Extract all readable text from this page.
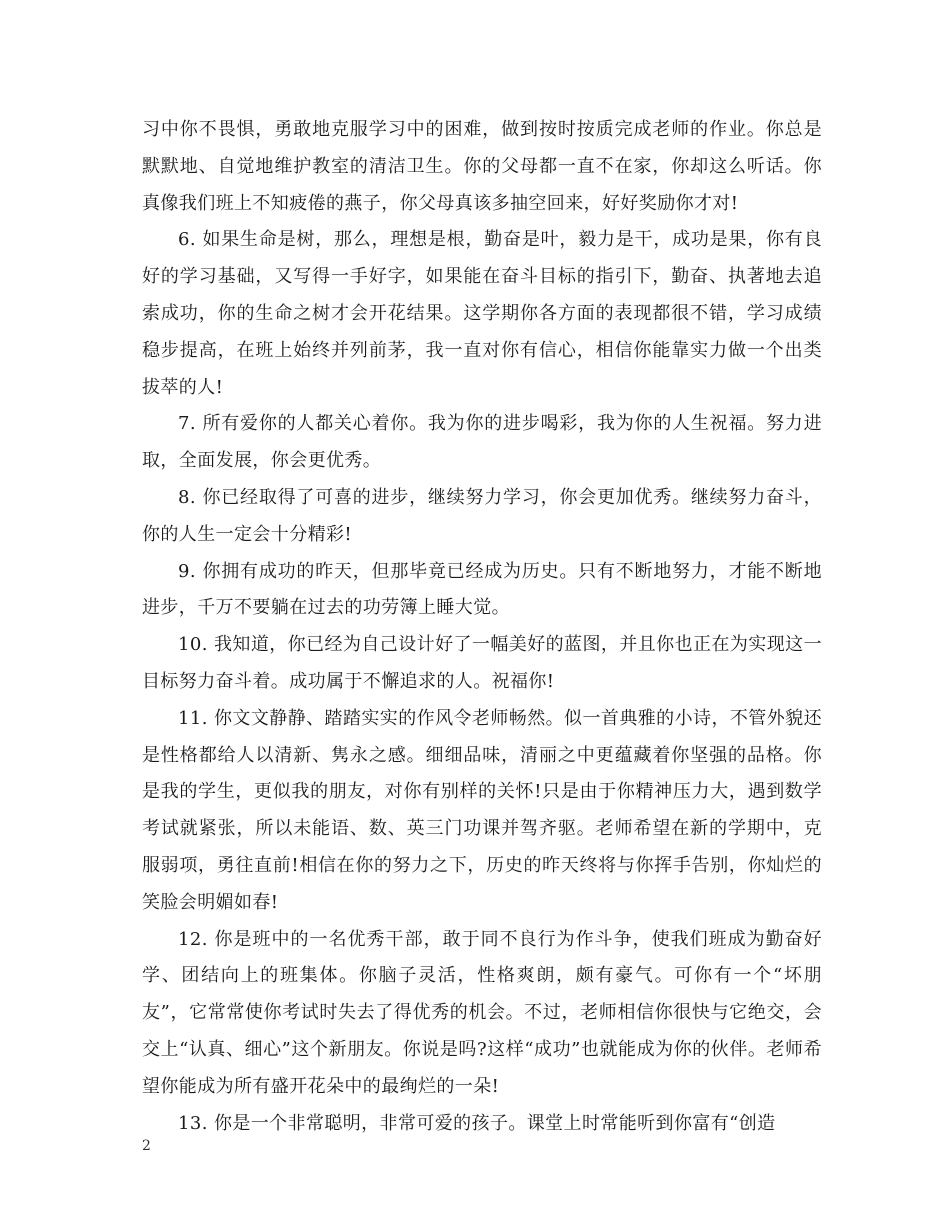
习中你不畏惧，勇敢地克服学习中的困难，做到按时按质完成老师的作业。你总是默默地、自觉地维护教室的清洁卫生。你的父母都一直不在家，你却这么听话。你真像我们班上不知疲倦的燕子，你父母真该多抽空回来，好好奖励你才对!

6. 如果生命是树，那么，理想是根，勤奋是叶，毅力是干，成功是果，你有良好的学习基础，又写得一手好字，如果能在奋斗目标的指引下，勤奋、执著地去追索成功，你的生命之树才会开花结果。这学期你各方面的表现都很不错，学习成绩稳步提高，在班上始终并列前茅，我一直对你有信心，相信你能靠实力做一个出类拔萃的人!

7. 所有爱你的人都关心着你。我为你的进步喝彩，我为你的人生祝福。努力进取，全面发展，你会更优秀。

8. 你已经取得了可喜的进步，继续努力学习，你会更加优秀。继续努力奋斗，你的人生一定会十分精彩!

9. 你拥有成功的昨天，但那毕竟已经成为历史。只有不断地努力，才能不断地进步，千万不要躺在过去的功劳簿上睡大觉。

10. 我知道，你已经为自己设计好了一幅美好的蓝图，并且你也正在为实现这一目标努力奋斗着。成功属于不懈追求的人。祝福你!

11. 你文文静静、踏踏实实的作风令老师畅然。似一首典雅的小诗，不管外貌还是性格都给人以清新、隽永之感。细细品味，清丽之中更蕴藏着你坚强的品格。你是我的学生，更似我的朋友，对你有别样的关怀!只是由于你精神压力大，遇到数学考试就紧张，所以未能语、数、英三门功课并驾齐驱。老师希望在新的学期中，克服弱项，勇往直前!相信在你的努力之下，历史的昨天终将与你挥手告别，你灿烂的笑脸会明媚如春!

12. 你是班中的一名优秀干部，敢于同不良行为作斗争，使我们班成为勤奋好学、团结向上的班集体。你脑子灵活，性格爽朗，颇有豪气。可你有一个“坏朋友”，它常常使你考试时失去了得优秀的机会。不过，老师相信你很快与它绝交，会交上“认真、细心”这个新朋友。你说是吗?这样“成功”也就能成为你的伙伴。老师希望你能成为所有盛开花朵中的最绚烂的一朵!

13. 你是一个非常聪明，非常可爱的孩子。课堂上时常能听到你富有“创造

2
